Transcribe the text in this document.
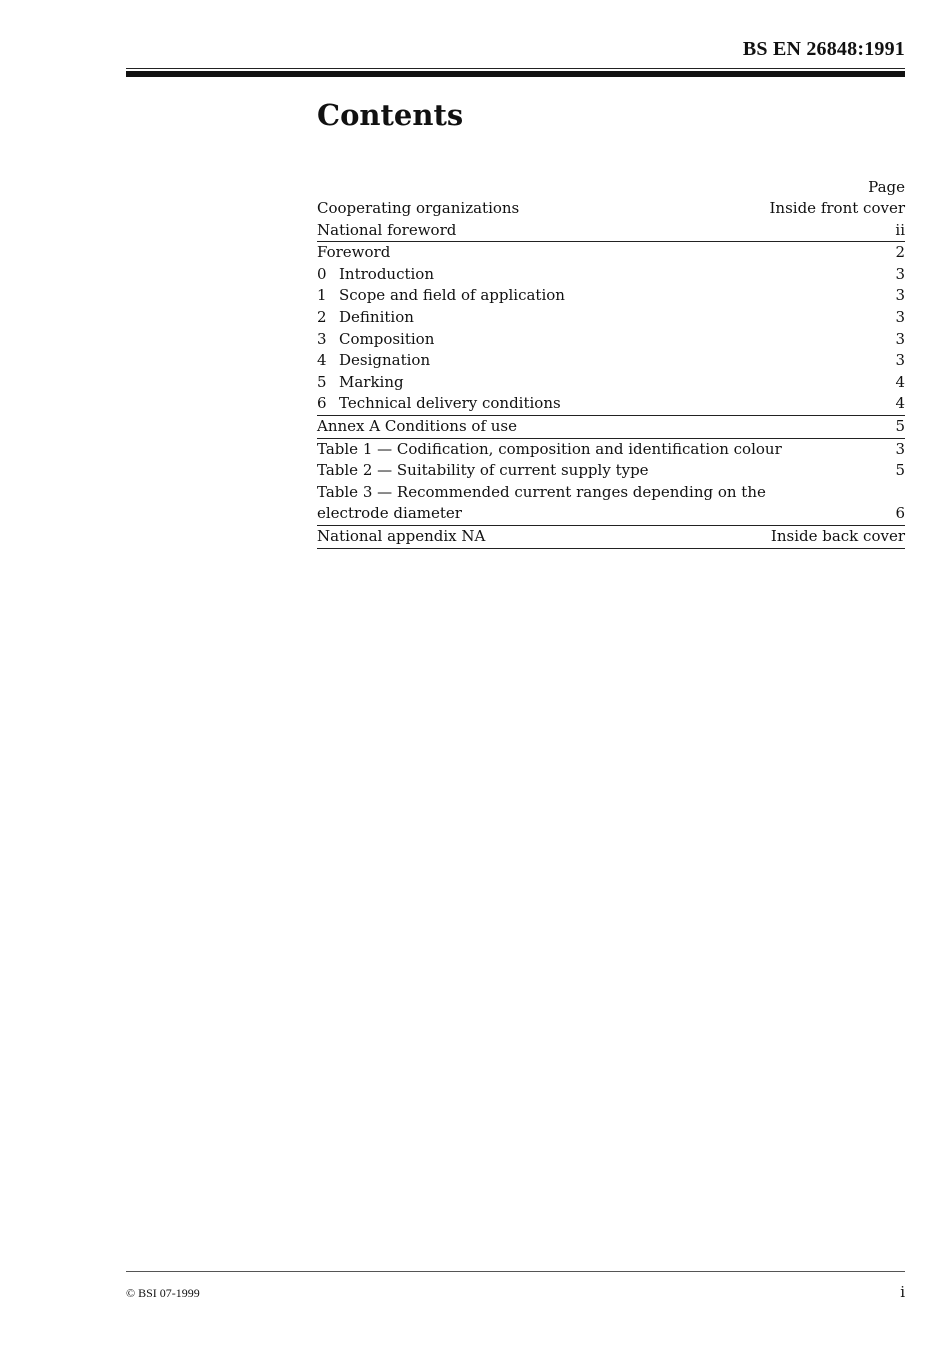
BS EN 26848:1991
Contents
Page
Cooperating organizations	Inside front cover
National foreword	ii
Foreword	2
0 Introduction	3
1 Scope and field of application	3
2 Definition	3
3 Composition	3
4 Designation	3
5 Marking	4
6 Technical delivery conditions	4
Annex A Conditions of use	5
Table 1 — Codification, composition and identification colour	3
Table 2 — Suitability of current supply type	5
Table 3 — Recommended current ranges depending on the electrode diameter	6
National appendix NA	Inside back cover
© BSI 07-1999	i
